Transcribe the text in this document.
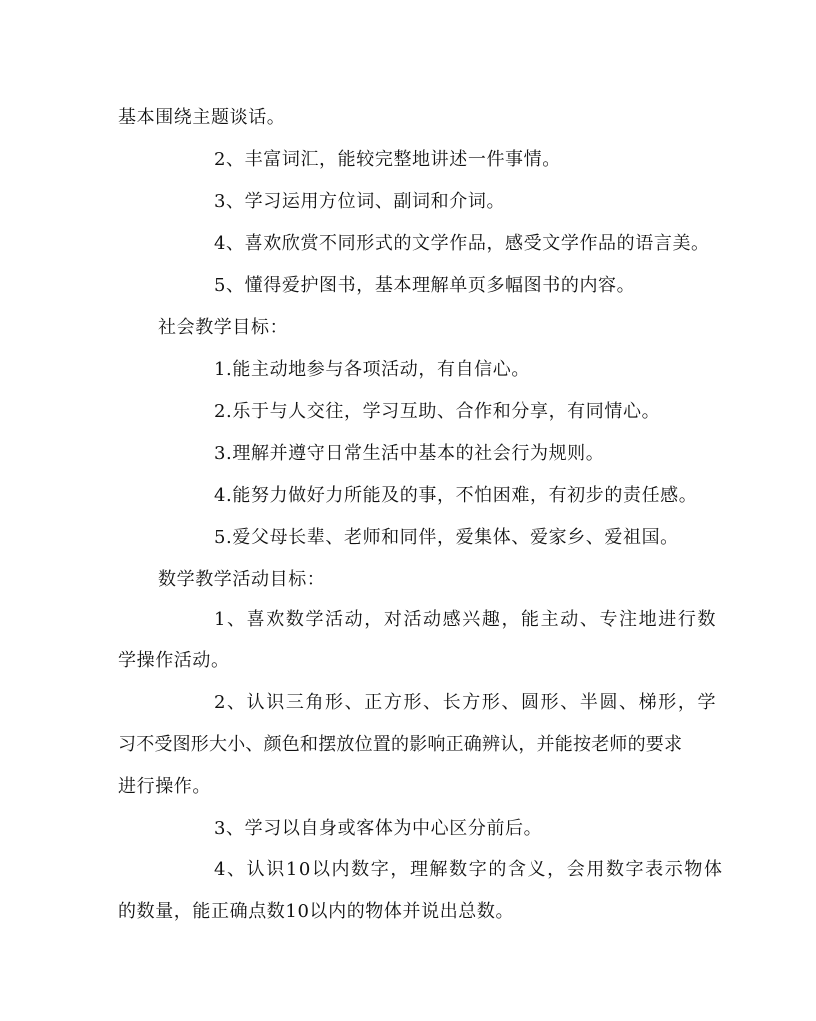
基本围绕主题谈话。
2、丰富词汇，能较完整地讲述一件事情。
3、学习运用方位词、副词和介词。
4、喜欢欣赏不同形式的文学作品，感受文学作品的语言美。
5、懂得爱护图书，基本理解单页多幅图书的内容。
社会教学目标：
1.能主动地参与各项活动，有自信心。
2.乐于与人交往，学习互助、合作和分享，有同情心。
3.理解并遵守日常生活中基本的社会行为规则。
4.能努力做好力所能及的事，不怕困难，有初步的责任感。
5.爱父母长辈、老师和同伴，爱集体、爱家乡、爱祖国。
数学教学活动目标：
1、喜欢数学活动，对活动感兴趣，能主动、专注地进行数
学操作活动。
2、认识三角形、正方形、长方形、圆形、半圆、梯形，学
习不受图形大小、颜色和摆放位置的影响正确辨认，并能按老师的要求
进行操作。
3、学习以自身或客体为中心区分前后。
4、认识10以内数字，理解数字的含义，会用数字表示物体
的数量，能正确点数10以内的物体并说出总数。
